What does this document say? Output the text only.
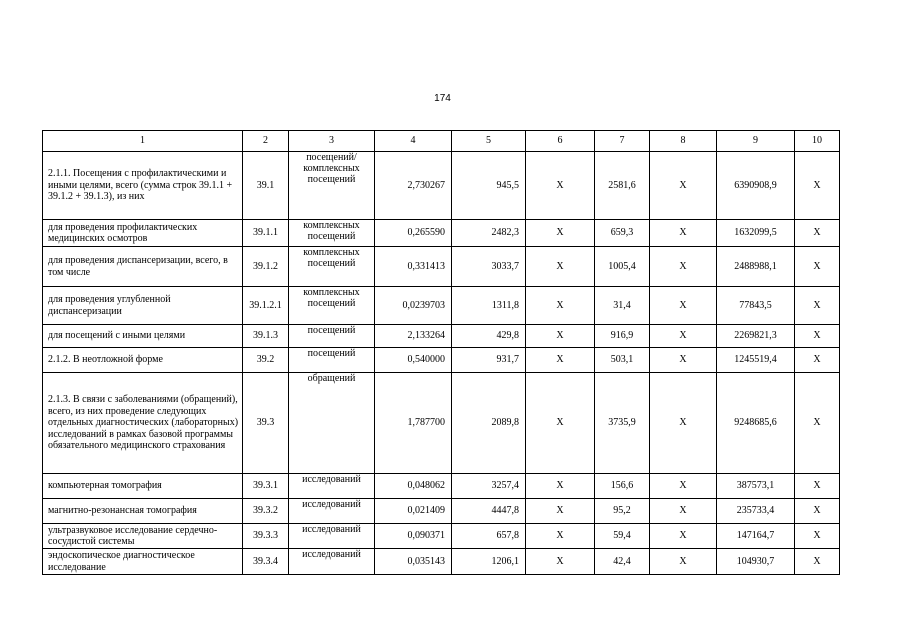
174
1	2	3	4	5	6	7	8	9	10
2.1.1. Посещения с профилактическими и иными целями, всего (сумма строк 39.1.1 + 39.1.2 + 39.1.3), из них	39.1	посещений/ комплексных посещений	2,730267	945,5	X	2581,6	X	6390908,9	X
для проведения профилактических медицинских осмотров	39.1.1	комплексных посещений	0,265590	2482,3	X	659,3	X	1632099,5	X
для проведения диспансеризации, всего, в том числе	39.1.2	комплексных посещений	0,331413	3033,7	X	1005,4	X	2488988,1	X
для проведения углубленной диспансеризации	39.1.2.1	комплексных посещений	0,0239703	1311,8	X	31,4	X	77843,5	X
для посещений с иными целями	39.1.3	посещений	2,133264	429,8	X	916,9	X	2269821,3	X
2.1.2. В неотложной форме	39.2	посещений	0,540000	931,7	X	503,1	X	1245519,4	X
2.1.3. В связи с заболеваниями (обращений), всего, из них проведение следующих отдельных диагностических (лабораторных) исследований в рамках базовой программы обязательного медицинского страхования	39.3	обращений	1,787700	2089,8	X	3735,9	X	9248685,6	X
компьютерная томография	39.3.1	исследований	0,048062	3257,4	X	156,6	X	387573,1	X
магнитно-резонансная томография	39.3.2	исследований	0,021409	4447,8	X	95,2	X	235733,4	X
ультразвуковое исследование сердечно-сосудистой системы	39.3.3	исследований	0,090371	657,8	X	59,4	X	147164,7	X
эндоскопическое диагностическое исследование	39.3.4	исследований	0,035143	1206,1	X	42,4	X	104930,7	X
